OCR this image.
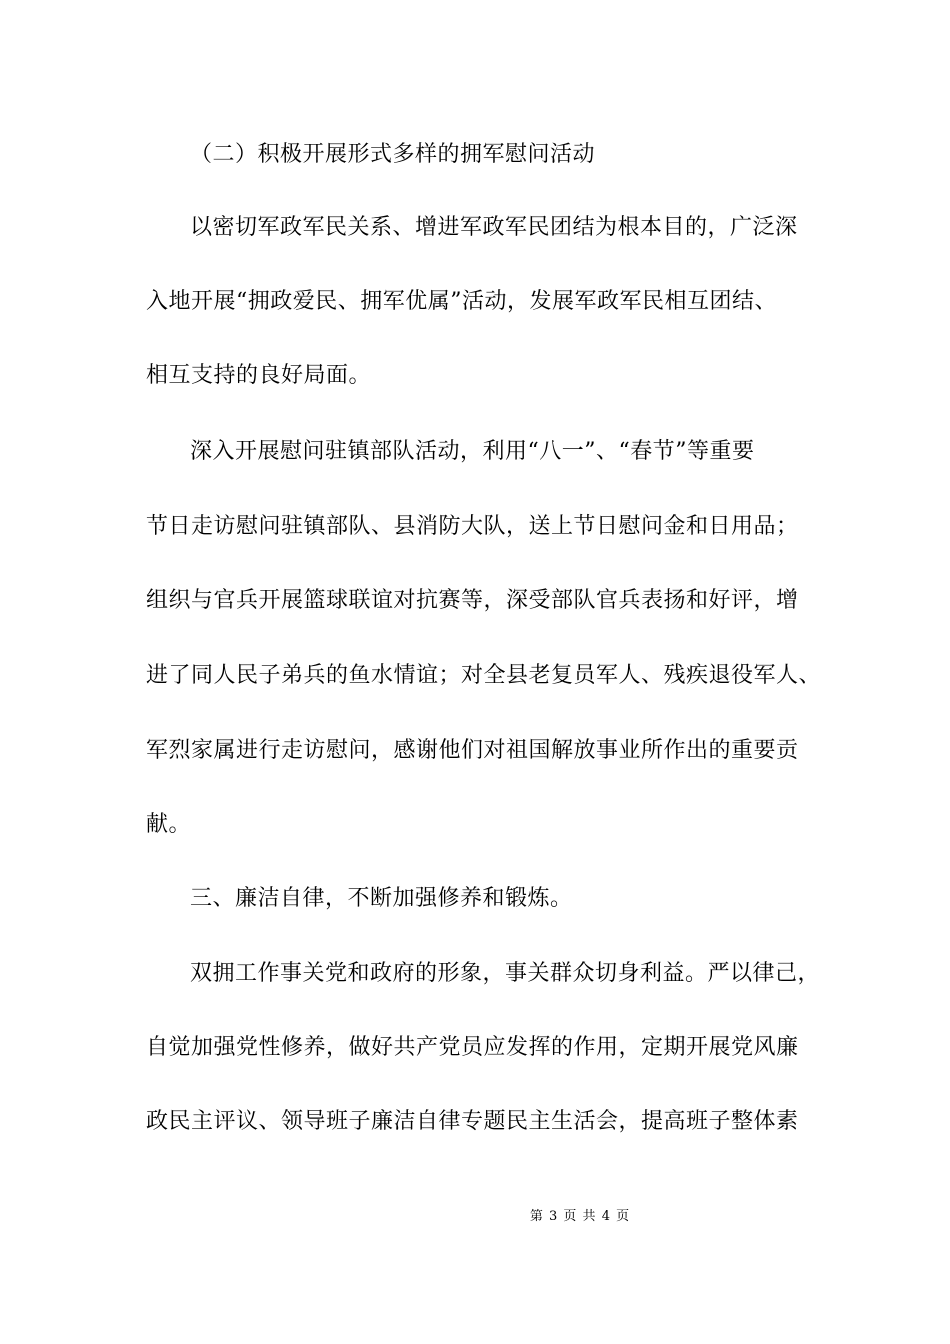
（二）积极开展形式多样的拥军慰问活动
以密切军政军民关系、增进军政军民团结为根本目的，广泛深
入地开展“拥政爱民、拥军优属”活动，发展军政军民相互团结、
相互支持的良好局面。
深入开展慰问驻镇部队活动，利用“八一”、“春节”等重要
节日走访慰问驻镇部队、县消防大队，送上节日慰问金和日用品；
组织与官兵开展篮球联谊对抗赛等，深受部队官兵表扬和好评，增
进了同人民子弟兵的鱼水情谊；对全县老复员军人、残疾退役军人、
军烈家属进行走访慰问，感谢他们对祖国解放事业所作出的重要贡
献。
三、廉洁自律，不断加强修养和锻炼。
双拥工作事关党和政府的形象，事关群众切身利益。严以律己，
自觉加强党性修养，做好共产党员应发挥的作用，定期开展党风廉
政民主评议、领导班子廉洁自律专题民主生活会，提高班子整体素
第 3 页 共 4 页
